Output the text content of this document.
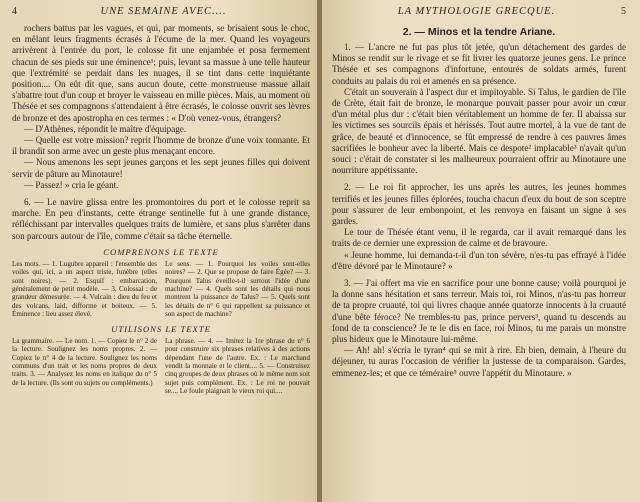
4	UNE SEMAINE AVEC....

rochers battus par les vagues, et qui, par moments, se brisaient sous le choc, en mêlant leurs fragments écrasés à l'écume de la mer. Quand les voyageurs arrivèrent à l'entrée du port, le colosse fit une enjambée et posa fermement chacun de ses pieds sur une éminence¹; puis, levant sa massue à une telle hauteur que l'extrémité se perdait dans les nuages, il se tint dans cette inquiétante position.... On eût dit que, sans aucun doute, cette monstrueuse massue allait s'abattre tout d'un coup et broyer le vaisseau en mille pièces. Mais, au moment où Thésée et ses compagnons s'attendaient à être écrasés, le colosse ouvrit ses lèvres de bronze et des apostropha en ces termes : « D'où venez-vous, étrangers?

— D'Athènes, répondit le maître d'équipage.

— Quelle est votre mission? reprit l'homme de bronze d'une voix tonnante. Et il brandit son arme avec un geste plus menaçant encore.

— Nous amenons les sept jeunes garçons et les sept jeunes filles qui doivent servir de pâture au Minotaure!

— Passez! » cria le géant.

6. — Le navire glissa entre les promontoires du port et le colosse reprit sa marche. En peu d'instants, cette étrange sentinelle fut à une grande distance, réfléchissant par intervalles quelques traits de lumière, et sans plus s'arrêter dans son parcours autour de l'île, comme c'était sa tâche éternelle.

COMPRENONS LE TEXTE

Les mots. — 1. Lugubre appareil : l'ensemble des voiles qui, ici, a un aspect triste, funèbre (elles sont noires). — 2. Esquif : embarcation, généralement de petit modèle. — 3. Colossal : de grandeur démesurée. — 4. Vulcain : dieu du feu et des volcans, laid, difforme et boiteux. — 5. Éminence : lieu assez élevé.

Le sens. — 1. Pourquoi les voiles sont-elles noires? — 2. Que se propose de faire Égée? — 3. Pourquoi Talus éveille-t-il surtout l'idée d'une machine? — 4. Quels sont les détails qui nous montrent la puissance de Talus? — 5. Quels sont les détails de n° 6 qui rappellent sa puissance et son aspect de machine?

UTILISONS LE TEXTE

La grammaire. — Le nom. 1. — Copiez le n° 2 de la lecture. Soulignez les noms propres. 2. — Copiez le n° 4 de la lecture. Soulignez les noms communs d'un trait et les noms propres de deux traits. 3. — Analysez les noms en italique du n° 5 de la lecture. (Ils sont ou sujets ou compléments.)

La phrase. — 4. — Imitez la 1re phrase du n° 6 pour construire six phrases relatives à des actions dépendant l'une de l'autre. Ex. : Le marchand vendit la monnaie et le client.... 5. — Construisez cinq groupes de deux phrases où le même nom soit sujet puis complément. Ex. : Le roi ne pouvait se.... Le foule plaignait le vieux roi qui....

LA MYTHOLOGIE GRECQUE.	5
2. — Minos et la tendre Ariane.

1. — L'ancre ne fut pas plus tôt jetée, qu'un détachement des gardes de Minos se rendit sur le rivage et se fit livrer les quatorze jeunes gens. Le prince Thésée et ses compagnons d'infortune, entourés de soldats armés, furent conduits au palais du roi et amenés en sa présence.

C'était un souverain à l'aspect dur et impitoyable. Si Talus, le gardien de l'île de Crète, était fait de bronze, le monarque pouvait passer pour avoir un cœur d'un métal plus dur : c'était bien véritablement un homme de fer. Il abaissa sur les victimes ses sourcils épais et hérissés. Tout autre mortel, à la vue de tant de grâce, de beauté et d'innocence, se fût empressé de rendre à ces pauvres âmes sacrifiées le bonheur avec la liberté. Mais ce despote² implacable³ n'avait qu'un souci : c'était de constater si les malheureux pourraient offrir au Minotaure une nourriture appétissante.

2. — Le roi fit approcher, les uns après les autres, les jeunes hommes terrifiés et les jeunes filles éplorées, toucha chacun d'eux du bout de son sceptre pour s'assurer de leur embonpoint, et les renvoya en faisant un signe à ses gardes.

Le tour de Thésée étant venu, il le regarda, car il avait remarqué dans les traits de ce dernier une expression de calme et de bravoure.

« Jeune homme, lui demanda-t-il d'un ton sévère, n'es-tu pas effrayé à l'idée d'être dévoré par le Minotaure? »

3. — J'ai offert ma vie en sacrifice pour une bonne cause; voilà pourquoi je la donne sans hésitation et sans terreur. Mais toi, roi Minos, n'as-tu pas horreur de ta propre cruauté, toi qui livres chaque année quatorze innocents à la cruauté d'une bête féroce? Ne trembles-tu pas, prince pervers³, quand tu descends au fond de ta conscience? Je te le dis en face, roi Minos, tu me parais un monstre plus hideux que le Minotaure lui-même.

— Ah! ah! s'écria le tyran⁴ qui se mit à rire. Eh bien, demain, à l'heure du déjeuner, tu auras l'occasion de vérifier la justesse de ta comparaison. Gardes, emmenez-les; et que ce téméraire⁵ ouvre l'appétit du Minotaure. »
